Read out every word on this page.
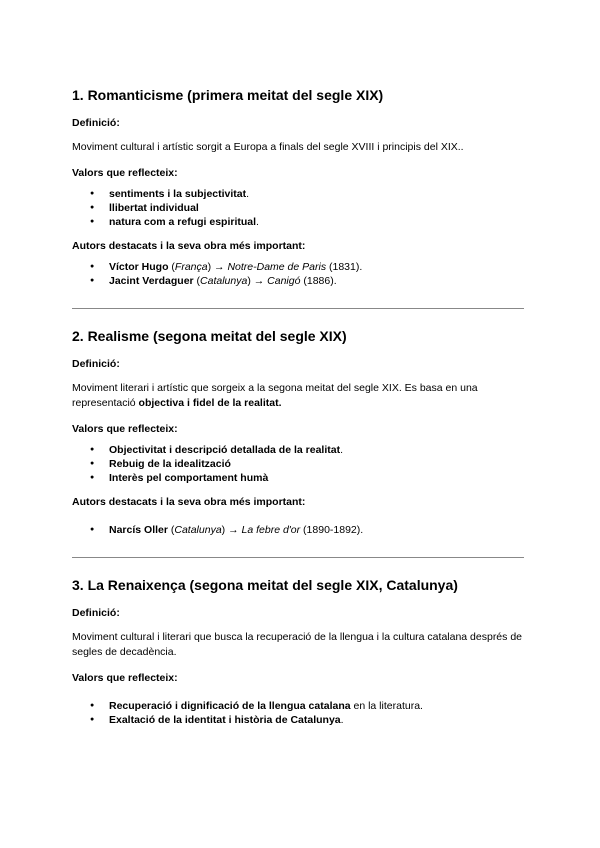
1. Romanticisme (primera meitat del segle XIX)

Definició:

Moviment cultural i artístic sorgit a Europa a finals del segle XVIII i principis del XIX..

Valors que reflecteix:

● sentiments i la subjectivitat.
● llibertat individual
● natura com a refugi espiritual.

Autors destacats i la seva obra més important:

● Víctor Hugo (França) → Notre-Dame de Paris (1831).
● Jacint Verdaguer (Catalunya) → Canigó (1886).
2. Realisme (segona meitat del segle XIX)

Definició:

Moviment literari i artístic que sorgeix a la segona meitat del segle XIX. Es basa en una representació objectiva i fidel de la realitat.

Valors que reflecteix:

● Objectivitat i descripció detallada de la realitat.
● Rebuig de la idealització
● Interès pel comportament humà

Autors destacats i la seva obra més important:

● Narcís Oller (Catalunya) → La febre d'or (1890-1892).
3. La Renaixença (segona meitat del segle XIX, Catalunya)

Definició:

Moviment cultural i literari que busca la recuperació de la llengua i la cultura catalana després de segles de decadència.

Valors que reflecteix:

● Recuperació i dignificació de la llengua catalana en la literatura.
● Exaltació de la identitat i història de Catalunya.
